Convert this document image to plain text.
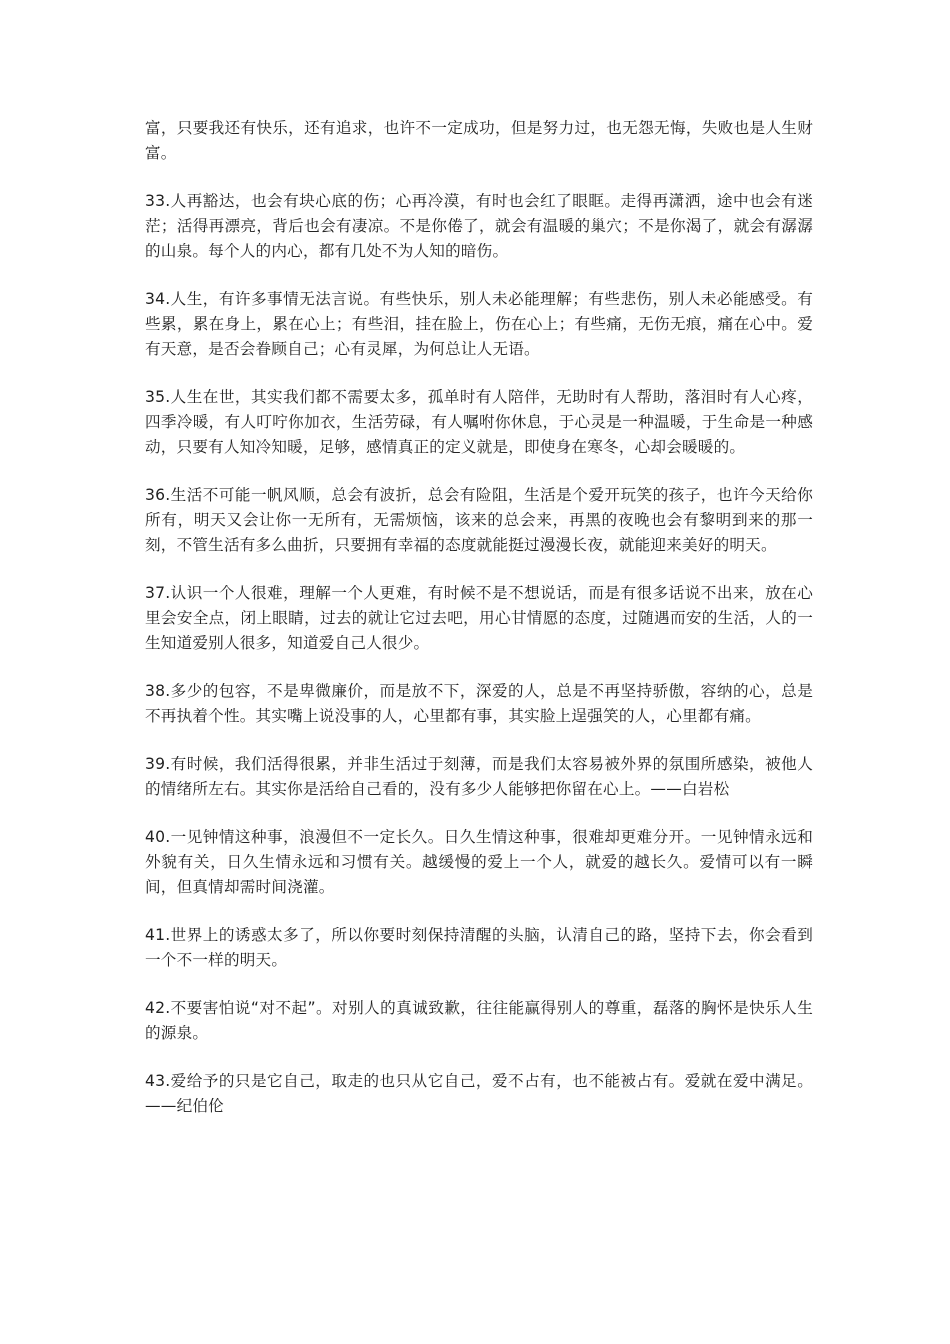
富，只要我还有快乐，还有追求，也许不一定成功，但是努力过，也无怨无悔，失败也是人生财富。

33.人再豁达，也会有块心底的伤；心再冷漠，有时也会红了眼眶。走得再潇洒，途中也会有迷茫；活得再漂亮，背后也会有凄凉。不是你倦了，就会有温暖的巢穴；不是你渴了，就会有潺潺的山泉。每个人的内心，都有几处不为人知的暗伤。

34.人生，有许多事情无法言说。有些快乐，别人未必能理解；有些悲伤，别人未必能感受。有些累，累在身上，累在心上；有些泪，挂在脸上，伤在心上；有些痛，无伤无痕，痛在心中。爱有天意，是否会眷顾自己；心有灵犀，为何总让人无语。

35.人生在世，其实我们都不需要太多，孤单时有人陪伴，无助时有人帮助，落泪时有人心疼，四季冷暖，有人叮咛你加衣，生活劳碌，有人嘱咐你休息，于心灵是一种温暖，于生命是一种感动，只要有人知冷知暖，足够，感情真正的定义就是，即使身在寒冬，心却会暖暖的。

36.生活不可能一帆风顺，总会有波折，总会有险阻，生活是个爱开玩笑的孩子，也许今天给你所有，明天又会让你一无所有，无需烦恼，该来的总会来，再黑的夜晚也会有黎明到来的那一刻，不管生活有多么曲折，只要拥有幸福的态度就能挺过漫漫长夜，就能迎来美好的明天。

37.认识一个人很难，理解一个人更难，有时候不是不想说话，而是有很多话说不出来，放在心里会安全点，闭上眼睛，过去的就让它过去吧，用心甘情愿的态度，过随遇而安的生活，人的一生知道爱别人很多，知道爱自己人很少。

38.多少的包容，不是卑微廉价，而是放不下，深爱的人，总是不再坚持骄傲，容纳的心，总是不再执着个性。其实嘴上说没事的人，心里都有事，其实脸上逞强笑的人，心里都有痛。

39.有时候，我们活得很累，并非生活过于刻薄，而是我们太容易被外界的氛围所感染，被他人的情绪所左右。其实你是活给自己看的，没有多少人能够把你留在心上。——白岩松

40.一见钟情这种事，浪漫但不一定长久。日久生情这种事，很难却更难分开。一见钟情永远和外貌有关，日久生情永远和习惯有关。越缓慢的爱上一个人，就爱的越长久。爱情可以有一瞬间，但真情却需时间浇灌。

41.世界上的诱惑太多了，所以你要时刻保持清醒的头脑，认清自己的路，坚持下去，你会看到一个不一样的明天。

42.不要害怕说“对不起”。对别人的真诚致歉，往往能赢得别人的尊重，磊落的胸怀是快乐人生的源泉。

43.爱给予的只是它自己，取走的也只从它自己，爱不占有，也不能被占有。爱就在爱中满足。——纪伯伦
